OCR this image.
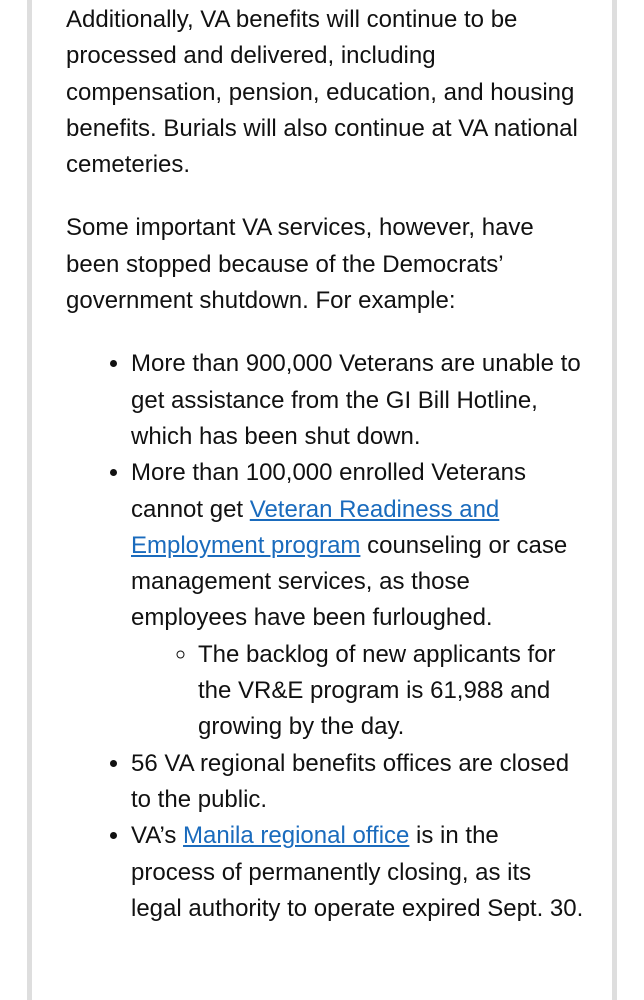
Additionally, VA benefits will continue to be processed and delivered, including compensation, pension, education, and housing benefits. Burials will also continue at VA national cemeteries.

Some important VA services, however, have been stopped because of the Democrats’ government shutdown. For example:

• More than 900,000 Veterans are unable to get assistance from the GI Bill Hotline, which has been shut down.
• More than 100,000 enrolled Veterans cannot get Veteran Readiness and Employment program counseling or case management services, as those employees have been furloughed.
◦ The backlog of new applicants for the VR&E program is 61,988 and growing by the day.
• 56 VA regional benefits offices are closed to the public.
• VA’s Manila regional office is in the process of permanently closing, as its legal authority to operate expired Sept. 30.
